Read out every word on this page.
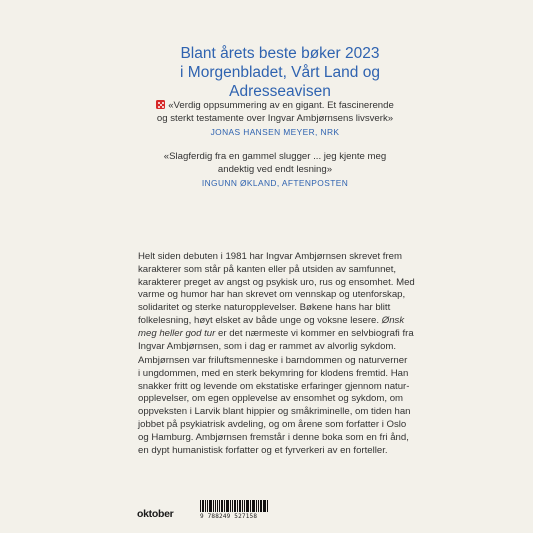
Blant årets beste bøker 2023
i Morgenbladet, Vårt Land og
Adresseavisen
«Verdig oppsummering av en gigant. Et fascinerende
og sterkt testamente over Ingvar Ambjørnsens livsverk»
JONAS HANSEN MEYER, NRK
«Slagferdig fra en gammel slugger ... jeg kjente meg
andektig ved endt lesning»
INGUNN ØKLAND, AFTENPOSTEN
Helt siden debuten i 1981 har Ingvar Ambjørnsen skrevet frem
karakterer som står på kanten eller på utsiden av samfunnet,
karakterer preget av angst og psykisk uro, rus og ensomhet. Med
varme og humor har han skrevet om vennskap og utenforskap,
solidaritet og sterke naturopplevelser. Bøkene hans har blitt
folkelesning, høyt elsket av både unge og voksne lesere. Ønsk
meg heller god tur er det nærmeste vi kommer en selvbiografi fra
Ingvar Ambjørnsen, som i dag er rammet av alvorlig sykdom.
Ambjørnsen var friluftsmenneske i barndommen og naturverner
i ungdommen, med en sterk bekymring for klodens fremtid. Han
snakker fritt og levende om ekstatiske erfaringer gjennom natur-
opplevelser, om egen opplevelse av ensomhet og sykdom, om
oppveksten i Larvik blant hippier og småkriminelle, om tiden han
jobbet på psykiatrisk avdeling, og om årene som forfatter i Oslo
og Hamburg. Ambjørnsen fremstår i denne boka som en fri ånd,
en dypt humanistisk forfatter og et fyrverkeri av en forteller.
oktober	9 788249 527158
